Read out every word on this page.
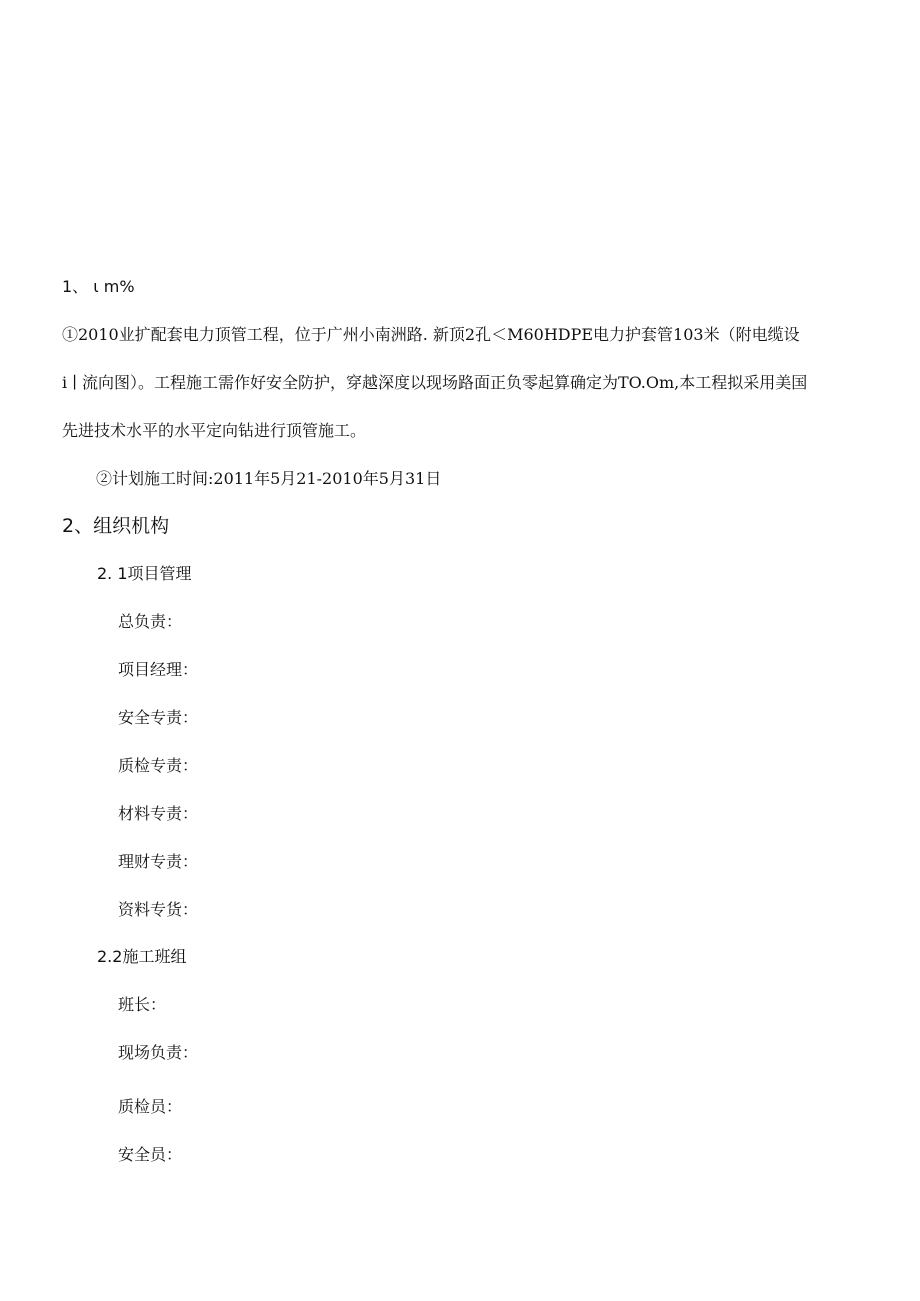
1、 ι m%
①2010业扩配套电力顶管工程，位于广州小南洲路. 新顶2孔＜M60HDPE电力护套管103米（附电缆设
i ∣ 流向图）。工程施工需作好安全防护，穿越深度以现场路面正负零起算确定为TO.Om,本工程拟采用美国
先进技术水平的水平定向钻进行顶管施工。
②计划施工时间:2011年5月21-2010年5月31日
2、组织机构
2. 1项目管理
总负责：
项目经理：
安全专责：
质检专责：
材料专责：
理财专责：
资料专货：
2.2施工班组
班长：
现场负责：
质检员：
安全员：
